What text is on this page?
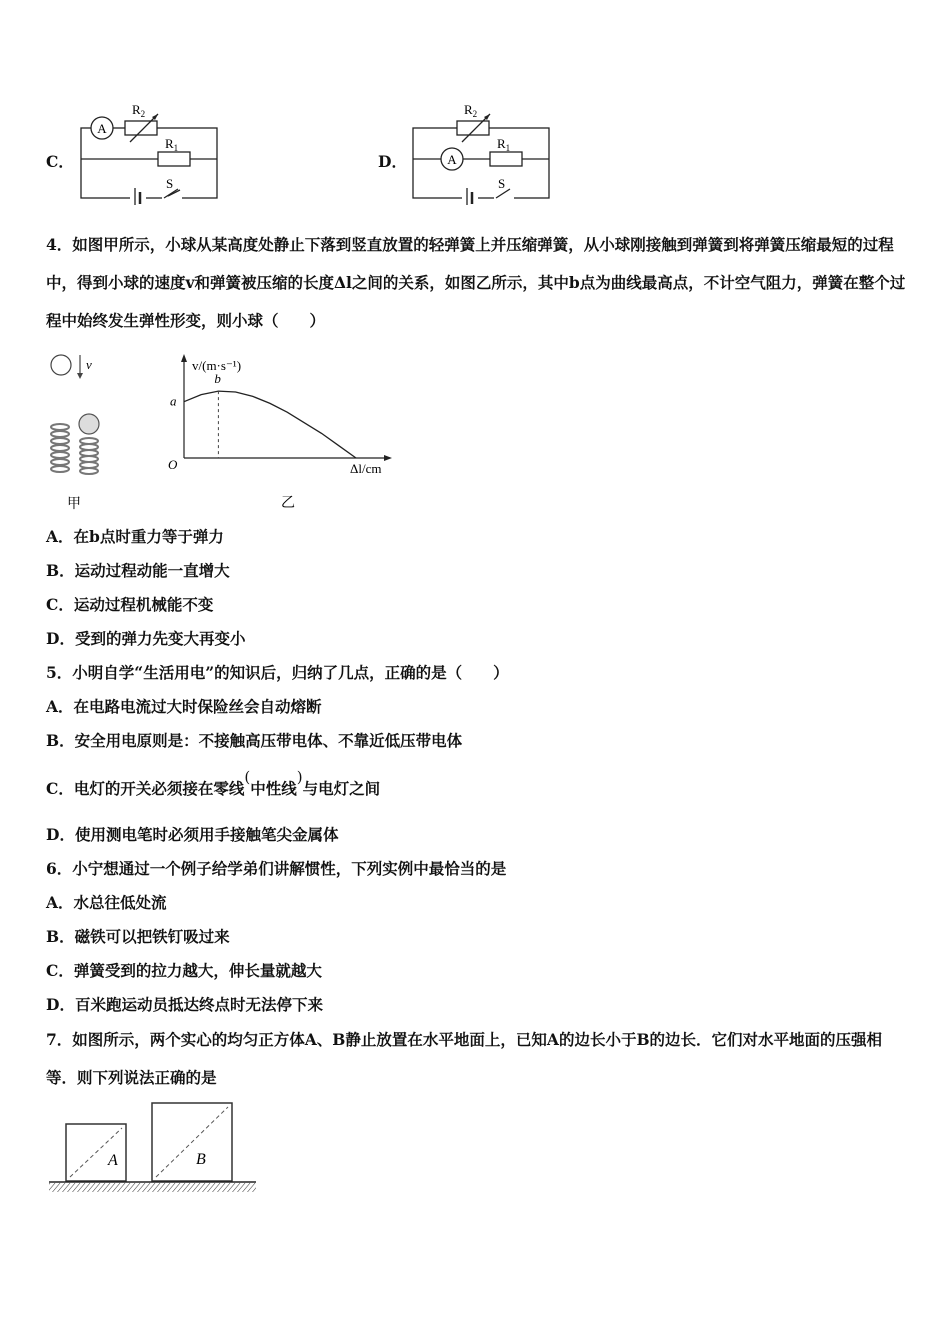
C．
A
$R_2$
$R_1$
S
D．	A
$R_2$
$R_1$
S
4．如图甲所示，小球从某高度处静止下落到竖直放置的轻弹簧上并压缩弹簧，从小球刚接触到弹簧到将弹簧压缩最短的过程中，得到小球的速度v和弹簧被压缩的长度Δl之间的关系，如图乙所示，其中b点为曲线最高点，不计空气阻力，弹簧在整个过程中始终发生弹性形变，则小球（　　）
v
甲
v/(m·s⁻¹)
Δl/cm
O
a
b
乙
A．在b点时重力等于弹力
B．运动过程动能一直增大
C．运动过程机械能不变
D．受到的弹力先变大再变小
5．小明自学“生活用电”的知识后，归纳了几点，正确的是（　　）
A．在电路电流过大时保险丝会自动熔断
B．安全用电原则是：不接触高压带电体、不靠近低压带电体
C．电灯的开关必须接在零线(中性线)与电灯之间
D．使用测电笔时必须用手接触笔尖金属体
6．小宁想通过一个例子给学弟们讲解惯性，下列实例中最恰当的是
A．水总往低处流
B．磁铁可以把铁钉吸过来
C．弹簧受到的拉力越大，伸长量就越大
D．百米跑运动员抵达终点时无法停下来
7．如图所示，两个实心的均匀正方体A、B静止放置在水平地面上，已知A的边长小于B的边长．它们对水平地面的压强相等．则下列说法正确的是
A	B
